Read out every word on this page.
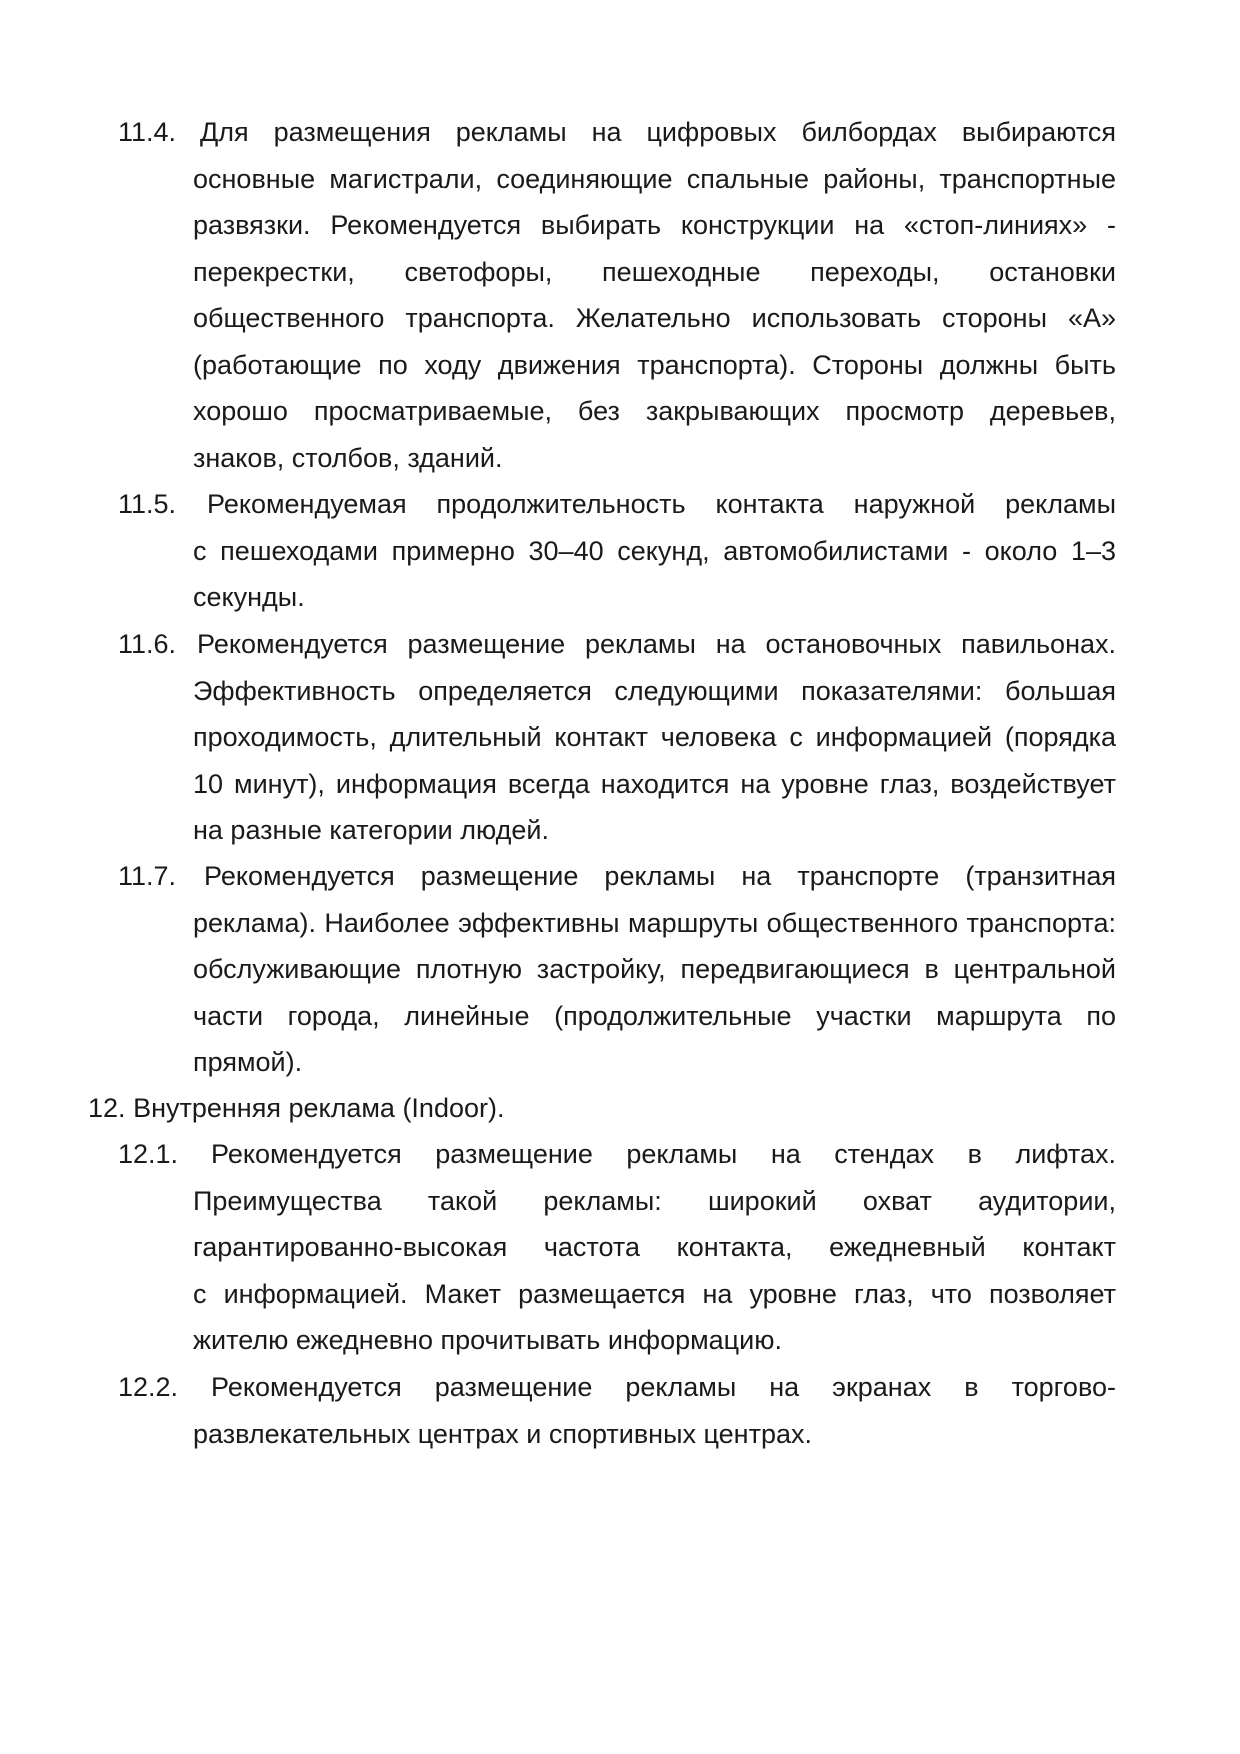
11.4. Для размещения рекламы на цифровых билбордах выбираются
основные магистрали, соединяющие спальные районы, транспортные
развязки. Рекомендуется выбирать конструкции на «стоп-линиях» -
перекрестки, светофоры, пешеходные переходы, остановки
общественного транспорта. Желательно использовать стороны «А»
(работающие по ходу движения транспорта). Стороны должны быть
хорошо просматриваемые, без закрывающих просмотр деревьев,
знаков, столбов, зданий.
11.5. Рекомендуемая продолжительность контакта наружной рекламы
с пешеходами примерно 30–40 секунд, автомобилистами - около 1–3
секунды.
11.6. Рекомендуется размещение рекламы на остановочных павильонах.
Эффективность определяется следующими показателями: большая
проходимость, длительный контакт человека с информацией (порядка
10 минут), информация всегда находится на уровне глаз, воздействует
на разные категории людей.
11.7. Рекомендуется размещение рекламы на транспорте (транзитная
реклама). Наиболее эффективны маршруты общественного транспорта:
обслуживающие плотную застройку, передвигающиеся в центральной
части города, линейные (продолжительные участки маршрута по
прямой).
12. Внутренняя реклама (Indoor).
12.1. Рекомендуется размещение рекламы на стендах в лифтах.
Преимущества такой рекламы: широкий охват аудитории,
гарантированно-высокая частота контакта, ежедневный контакт
с информацией. Макет размещается на уровне глаз, что позволяет
жителю ежедневно прочитывать информацию.
12.2. Рекомендуется размещение рекламы на экранах в торгово-
развлекательных центрах и спортивных центрах.
